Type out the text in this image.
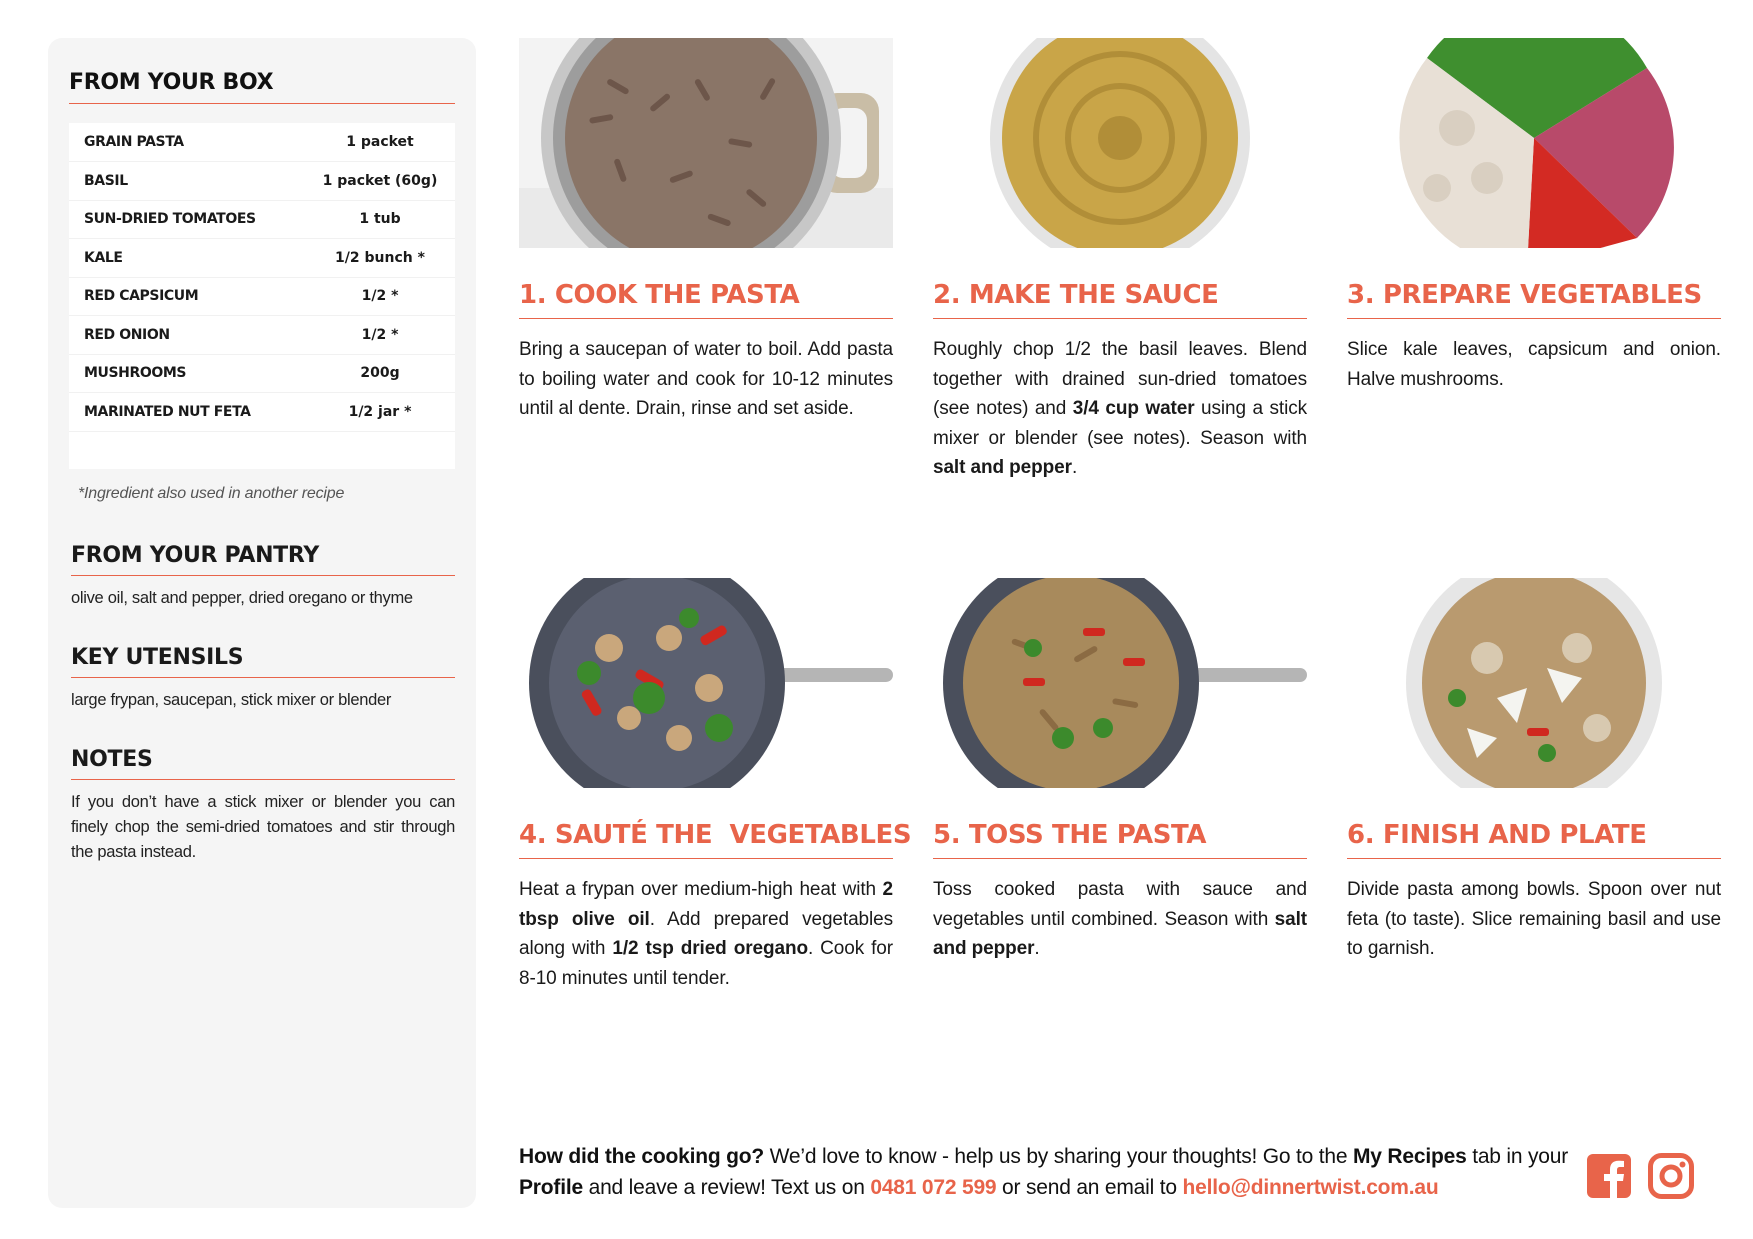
FROM YOUR BOX
GRAIN PASTA	1 packet
BASIL	1 packet (60g)
SUN-DRIED TOMATOES	1 tub
KALE	1/2 bunch *
RED CAPSICUM	1/2 *
RED ONION	1/2 *
MUSHROOMS	200g
MARINATED NUT FETA	1/2 jar *

*Ingredient also used in another recipe

FROM YOUR PANTRY

olive oil, salt and pepper, dried oregano or thyme

KEY UTENSILS

large frypan, saucepan, stick mixer or blender

NOTES

If you don’t have a stick mixer or blender you can finely chop the semi-dried tomatoes and stir through the pasta instead.

1. COOK THE PASTA

Bring a saucepan of water to boil. Add pasta to boiling water and cook for 10-12 minutes until al dente. Drain, rinse and set aside.

2. MAKE THE SAUCE

Roughly chop 1/2 the basil leaves. Blend together with drained sun-dried tomatoes (see notes) and 3/4 cup water using a stick mixer or blender (see notes). Season with salt and pepper.

3. PREPARE VEGETABLES

Slice kale leaves, capsicum and onion. Halve mushrooms.

4. SAUTÉ THE  VEGETABLES

Heat a frypan over medium-high heat with 2 tbsp olive oil. Add prepared vegetables along with 1/2 tsp dried oregano. Cook for 8-10 minutes until tender.

5. TOSS THE PASTA

Toss cooked pasta with sauce and vegetables until combined. Season with salt and pepper.

6. FINISH AND PLATE

Divide pasta among bowls. Spoon over nut feta (to taste). Slice remaining basil and use to garnish.

How did the cooking go? We’d love to know - help us by sharing your thoughts! Go to the My Recipes tab in your Profile and leave a review! Text us on 0481 072 599 or send an email to hello@dinnertwist.com.au
